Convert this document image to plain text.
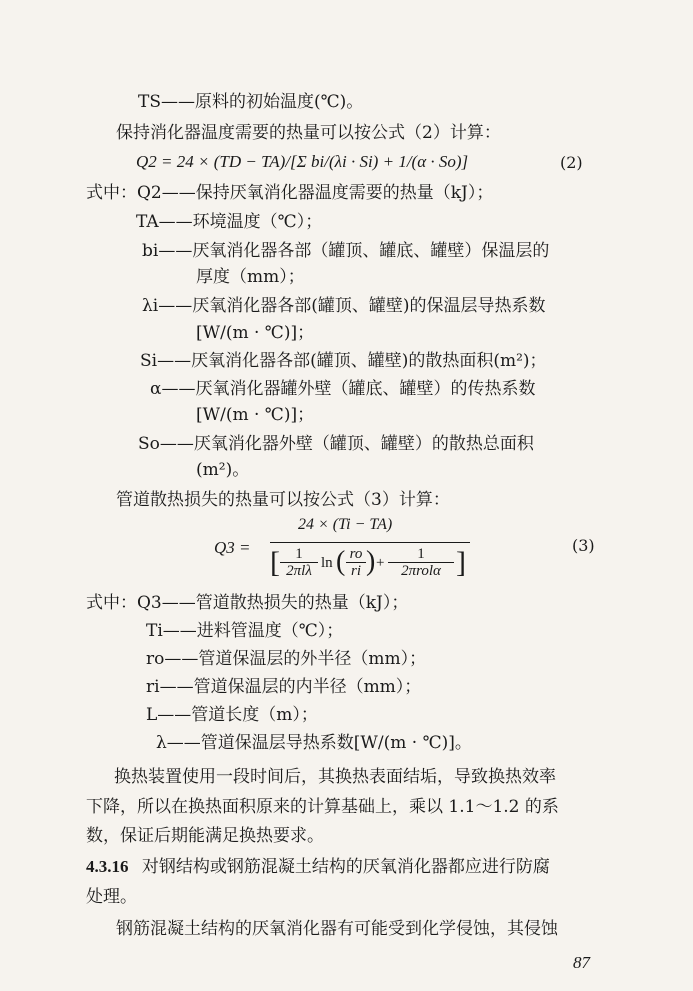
TS——原料的初始温度(℃)。
保持消化器温度需要的热量可以按公式（2）计算：
Q2 = 24 × (TD − TA)/[Σ bi/(λi · Si) + 1/(α · So)]	(2)
式中：Q2——保持厌氧消化器温度需要的热量（kJ）；
TA——环境温度（℃）；
bi——厌氧消化器各部（罐顶、罐底、罐壁）保温层的
厚度（mm）；
λi——厌氧消化器各部(罐顶、罐壁)的保温层导热系数
[W/(m · ℃)]；
Si——厌氧消化器各部(罐顶、罐壁)的散热面积(m²)；
α——厌氧消化器罐外壁（罐底、罐壁）的传热系数
[W/(m · ℃)]；
So——厌氧消化器外壁（罐顶、罐壁）的散热总面积
(m²)。
管道散热损失的热量可以按公式（3）计算：
Q3 =
24 × (Ti − TA)
[	1
2πlλ ln ( ro
ri ) +
1
2πrolα ]
(3)
式中：Q3——管道散热损失的热量（kJ）；
Ti——进料管温度（℃）；
ro——管道保温层的外半径（mm）；
ri——管道保温层的内半径（mm）；
L——管道长度（m）；
λ——管道保温层导热系数[W/(m · ℃)]。
换热装置使用一段时间后，其换热表面结垢，导致换热效率
下降，所以在换热面积原来的计算基础上，乘以 1.1～1.2 的系
数，保证后期能满足换热要求。
4.3.16 对钢结构或钢筋混凝土结构的厌氧消化器都应进行防腐
处理。
钢筋混凝土结构的厌氧消化器有可能受到化学侵蚀，其侵蚀
87
